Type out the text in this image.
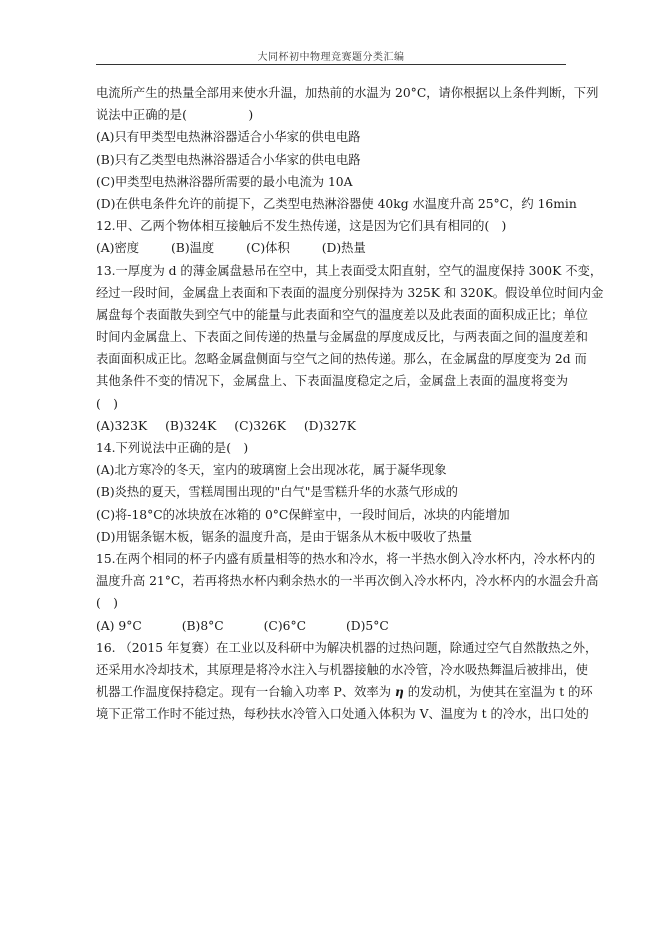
大同杯初中物理竞赛题分类汇编
电流所产生的热量全部用来使水升温，加热前的水温为 20°C，请你根据以上条件判断，下列
说法中正确的是(　　　　　)
(A)只有甲类型电热淋浴器适合小华家的供电电路
(B)只有乙类型电热淋浴器适合小华家的供电电路
(C)甲类型电热淋浴器所需要的最小电流为 10A
(D)在供电条件允许的前提下，乙类型电热淋浴器使 40kg 水温度升高 25°C，约 16min
12.甲、乙两个物体相互接触后不发生热传递，这是因为它们具有相同的(　)
(A)密度	(B)温度	(C)体积	(D)热量
13.一厚度为 d 的薄金属盘悬吊在空中，其上表面受太阳直射，空气的温度保持 300K 不变，
经过一段时间，金属盘上表面和下表面的温度分别保持为 325K 和 320K。假设单位时间内金
属盘每个表面散失到空气中的能量与此表面和空气的温度差以及此表面的面积成正比；单位
时间内金属盘上、下表面之间传递的热量与金属盘的厚度成反比，与两表面之间的温度差和
表面面积成正比。忽略金属盘侧面与空气之间的热传递。那么，在金属盘的厚度变为 2d 而
其他条件不变的情况下，金属盘上、下表面温度稳定之后，金属盘上表面的温度将变为
(　)
(A)323K (B)324K (C)326K (D)327K
14.下列说法中正确的是(　)
(A)北方寒冷的冬天，室内的玻璃窗上会出现冰花，属于凝华现象
(B)炎热的夏天，雪糕周围出现的"白气"是雪糕升华的水蒸气形成的
(C)将-18°C的冰块放在冰箱的 0°C保鲜室中，一段时间后，冰块的内能增加
(D)用锯条锯木板，锯条的温度升高，是由于锯条从木板中吸收了热量
15.在两个相同的杯子内盛有质量相等的热水和冷水，将一半热水倒入冷水杯内，冷水杯内的
温度升高 21°C，若再将热水杯内剩余热水的一半再次倒入冷水杯内，冷水杯内的水温会升高
(　)
(A) 9°C	(B)8°C	(C)6°C	(D)5°C
16. （2015 年复赛）在工业以及科研中为解决机器的过热问题，除通过空气自然散热之外，
还采用水冷却技术，其原理是将冷水注入与机器接触的水冷管，冷水吸热舞温后被排出，使
机器工作温度保持稳定。现有一台输入功率 P、效率为 η 的发动机，为使其在室温为 t 的环
境下正常工作时不能过热，每秒扶水冷管入口处通入体积为 V、温度为 t 的冷水，出口处的
